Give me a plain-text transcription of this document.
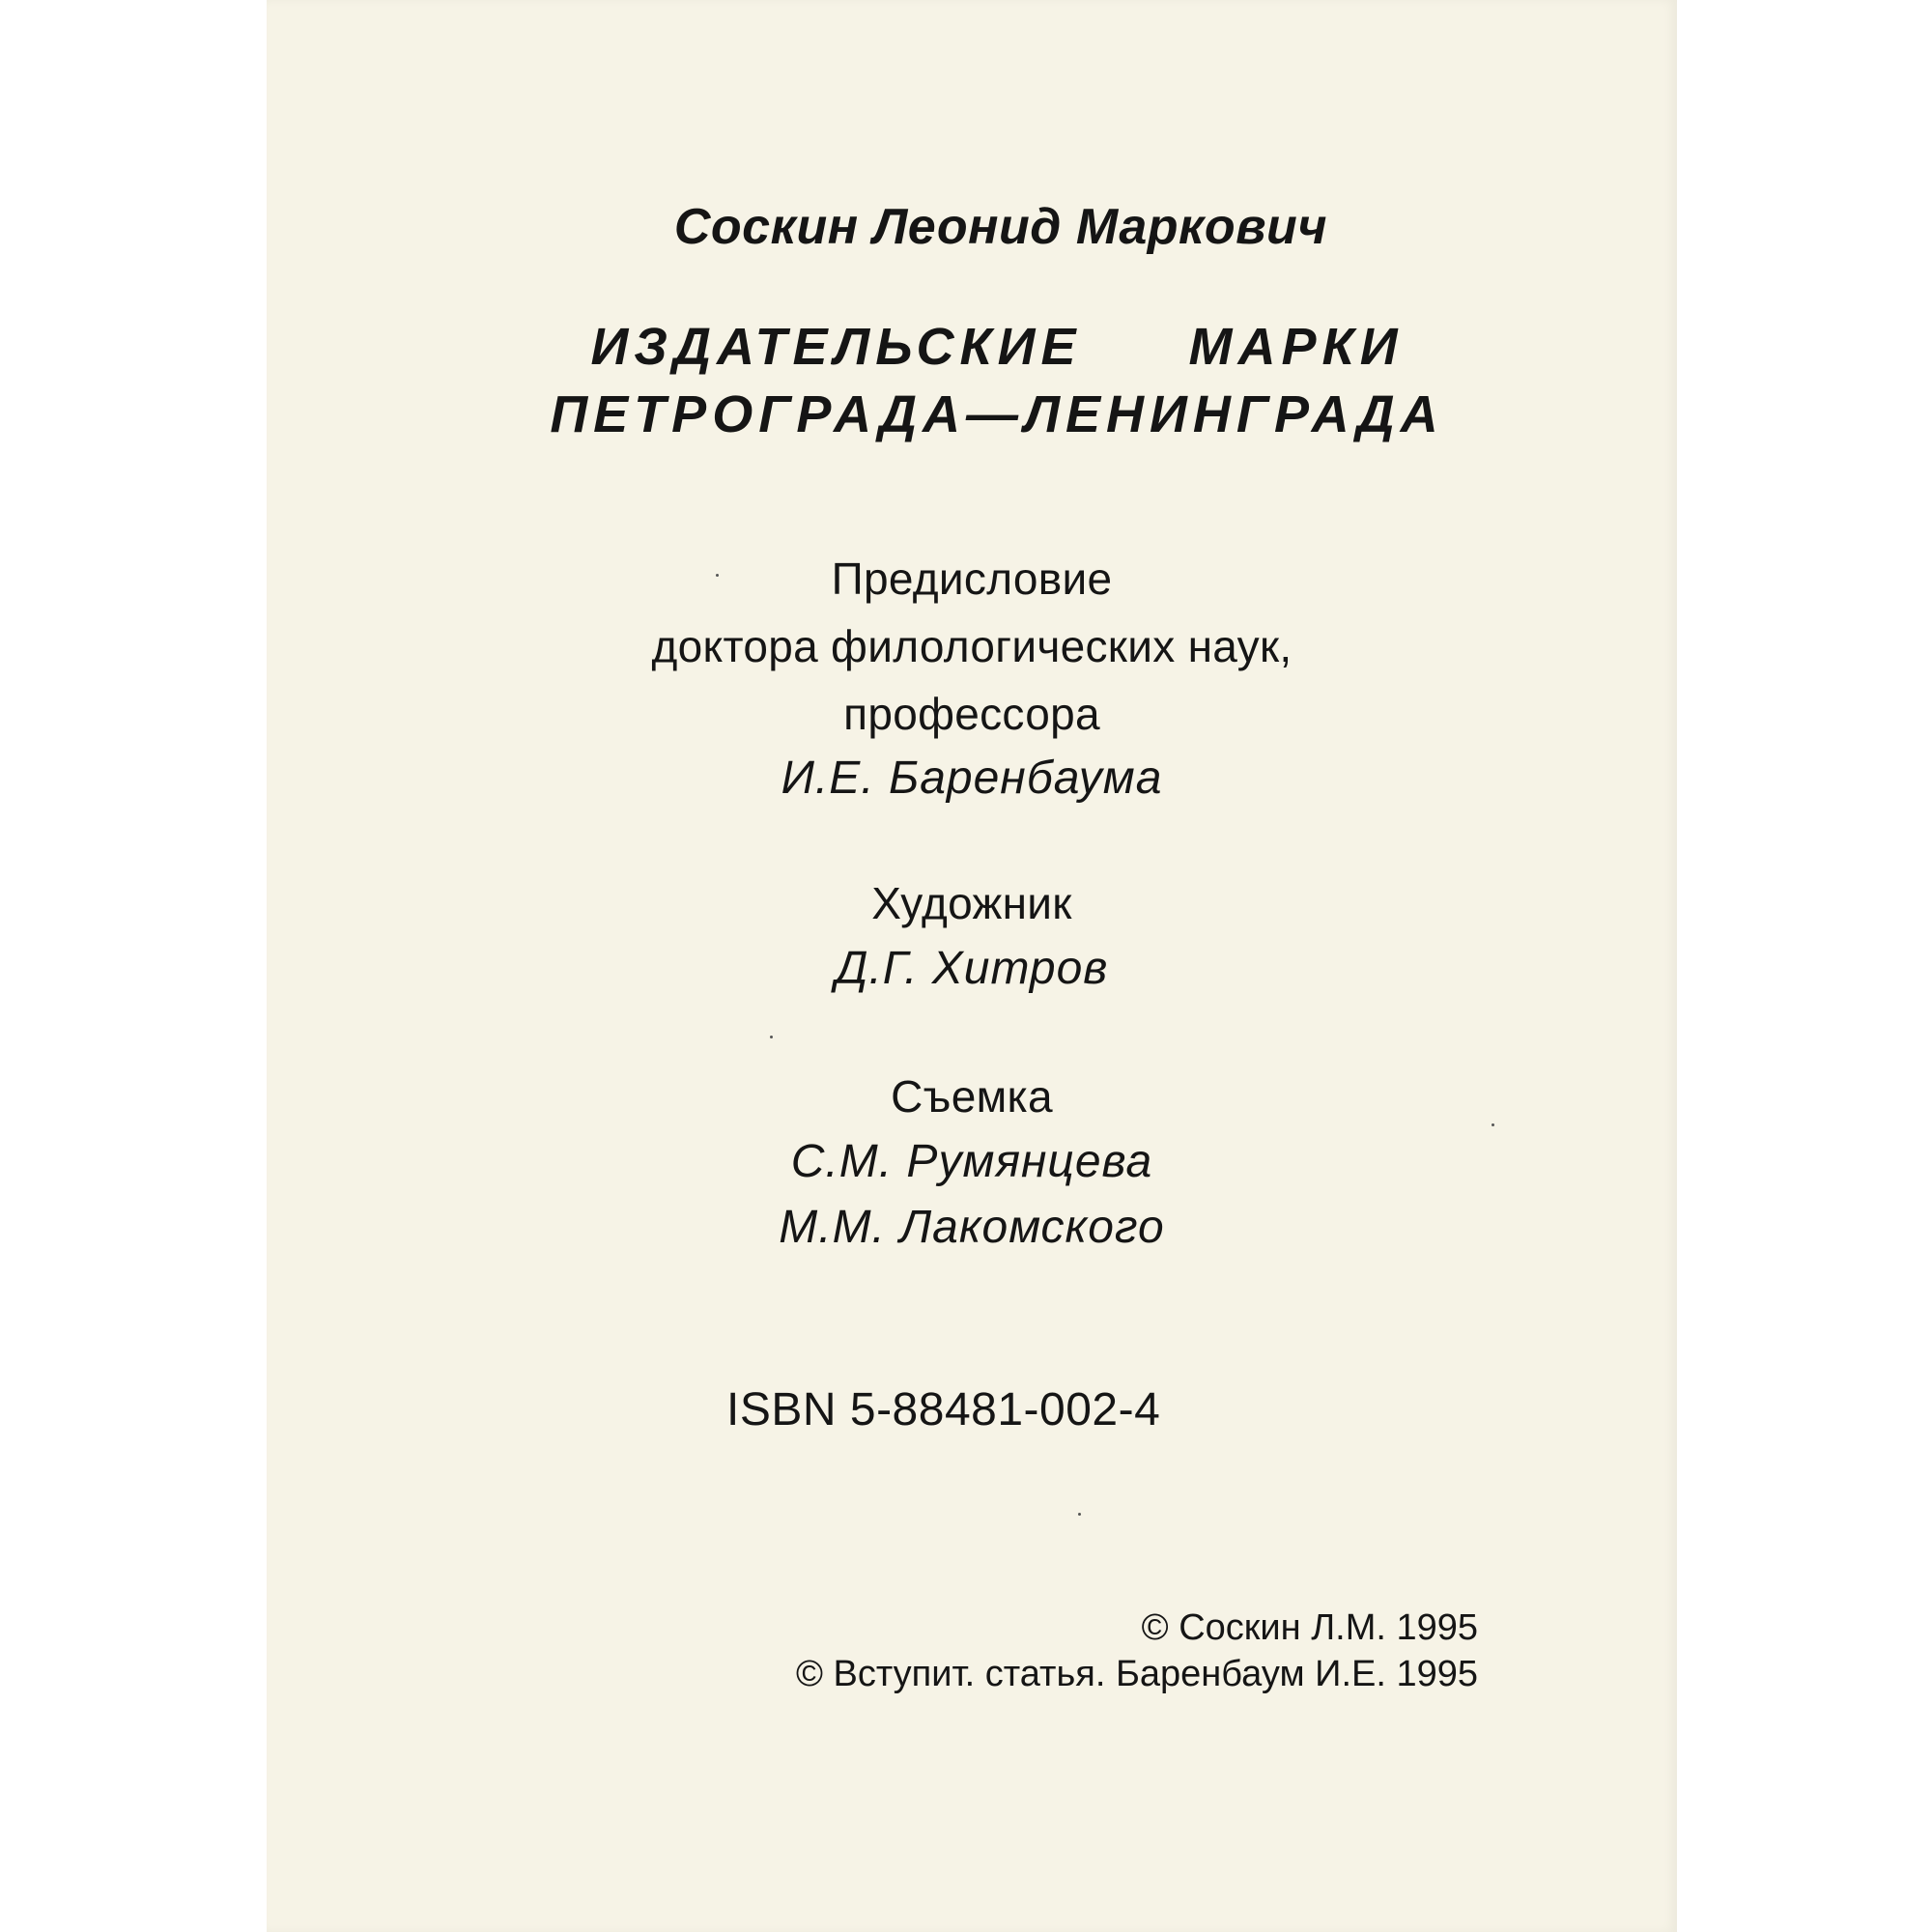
Соскин Леонид Маркович
ИЗДАТЕЛЬСКИЕ МАРКИ
ПЕТРОГРАДА—ЛЕНИНГРАДА
Предисловие
доктора филологических наук,
профессора
И.Е. Баренбаума
Художник
Д.Г. Хитров
Съемка
С.М. Румянцева
М.М. Лакомского
ISBN 5-88481-002-4
© Соскин Л.М. 1995
© Вступит. статья. Баренбаум И.Е. 1995
